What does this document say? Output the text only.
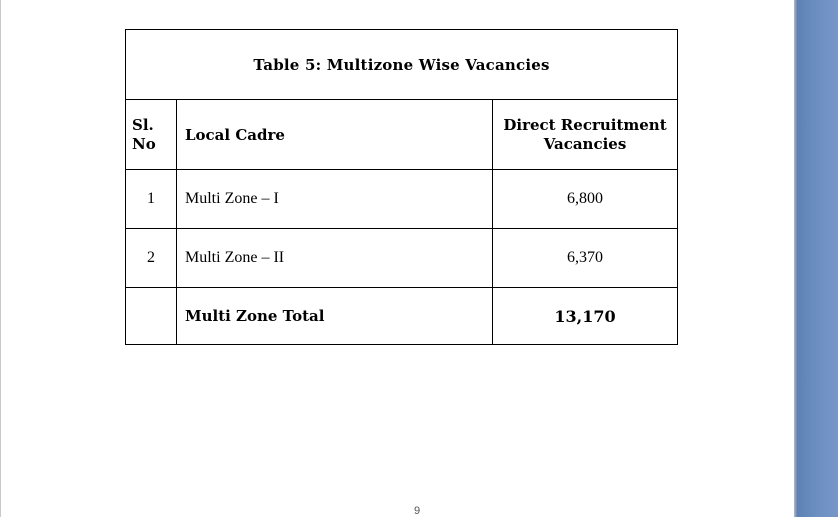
Table 5: Multizone Wise Vacancies		
Sl. No	Local Cadre	Direct Recruitment Vacancies
1	Multi Zone – I	6,800
2	Multi Zone – II	6,370
	Multi Zone Total	13,170
9
